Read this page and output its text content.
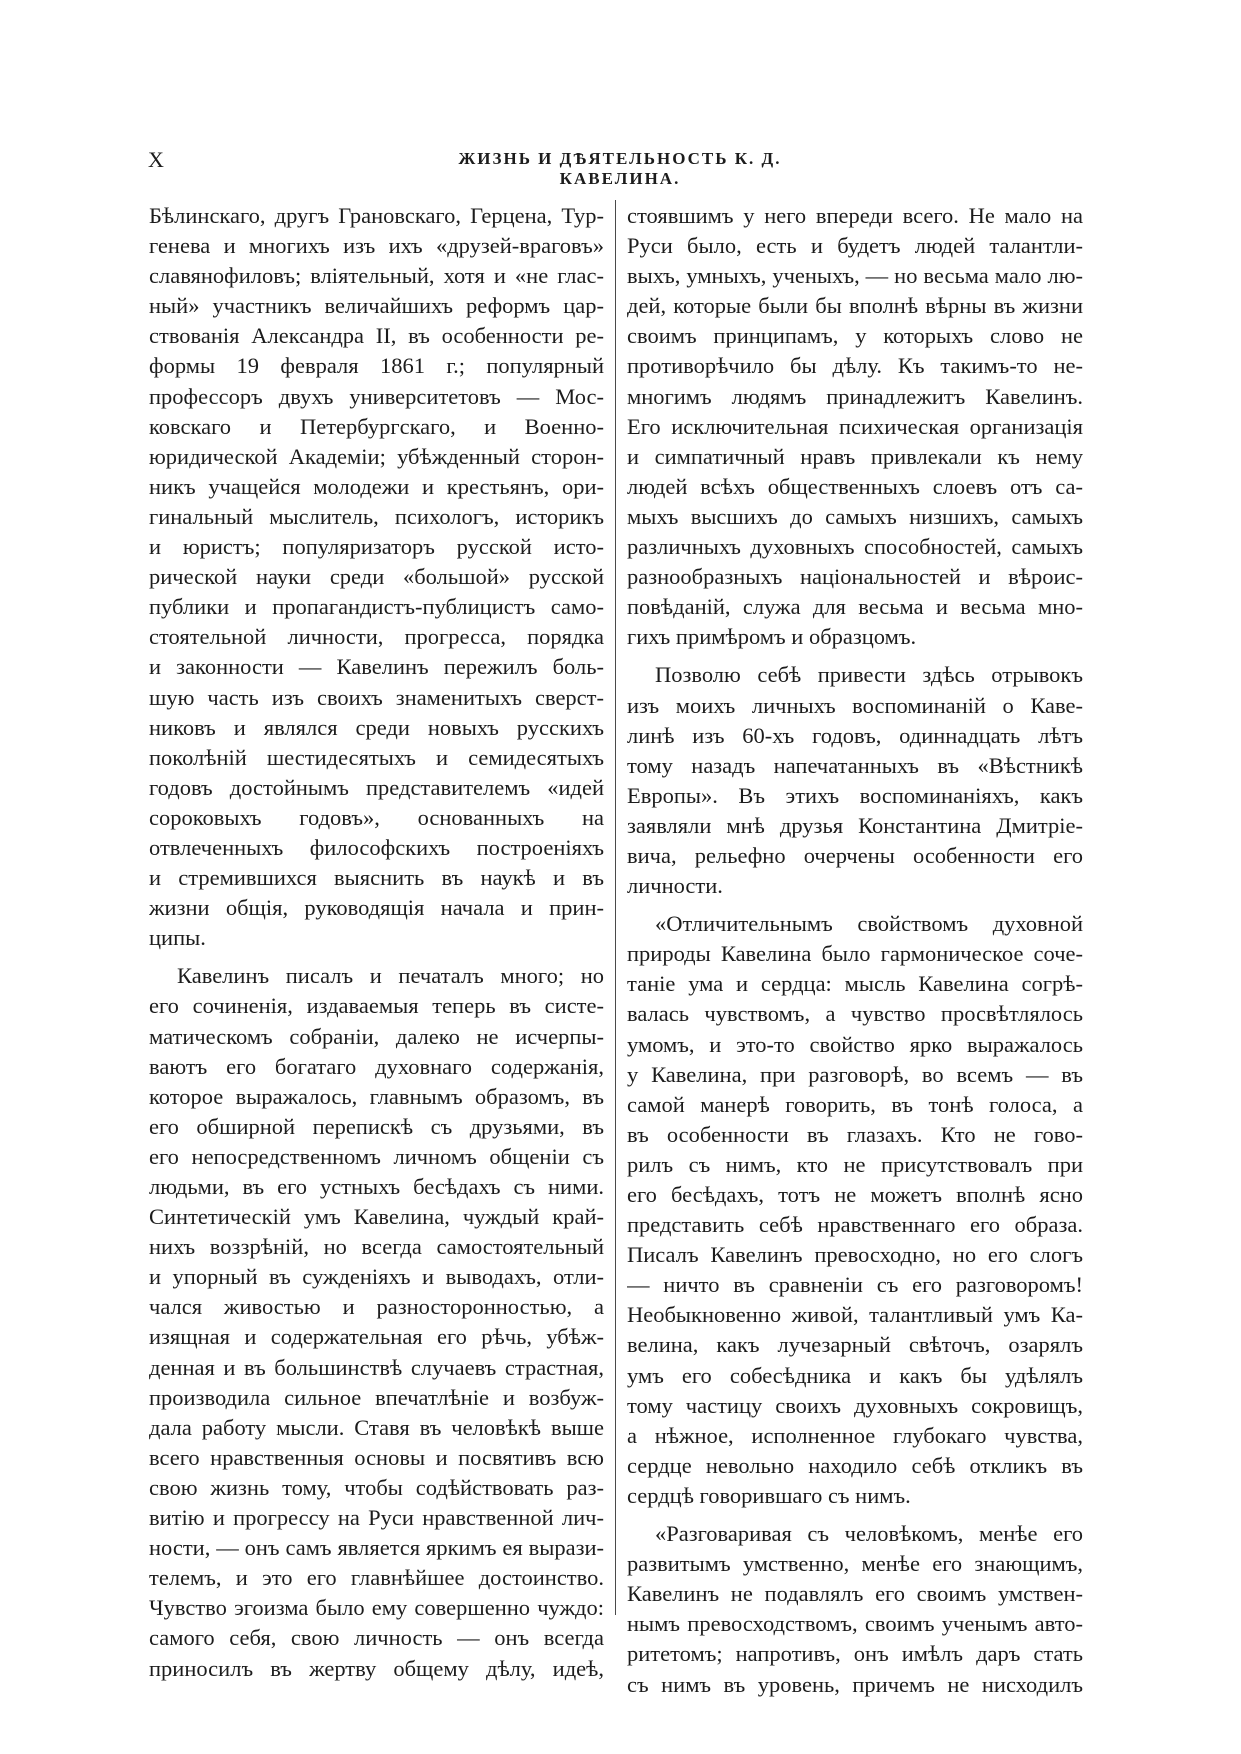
X	ЖИЗНЬ И ДѢЯТЕЛЬНОСТЬ К. Д. КАВЕЛИНА.
Бѣлинскаго, другъ Грановскаго, Герцена, Тур-
генева и многихъ изъ ихъ «друзей-враговъ»
славянофиловъ; вліятельный, хотя и «не глас-
ный» участникъ величайшихъ реформъ цар-
ствованія Александра II, въ особенности ре-
формы 19 февраля 1861 г.; популярный
профессоръ двухъ университетовъ — Мос-
ковскаго и Петербургскаго, и Военно-
юридической Академіи; убѣжденный сторон-
никъ учащейся молодежи и крестьянъ, ори-
гинальный мыслитель, психологъ, историкъ
и юристъ; популяризаторъ русской исто-
рической науки среди «большой» русской
публики и пропагандистъ-публицистъ само-
стоятельной личности, прогресса, порядка
и законности — Кавелинъ пережилъ боль-
шую часть изъ своихъ знаменитыхъ сверст-
никовъ и являлся среди новыхъ русскихъ
поколѣній шестидесятыхъ и семидесятыхъ
годовъ достойнымъ представителемъ «идей
сороковыхъ годовъ», основанныхъ на
отвлеченныхъ философскихъ построеніяхъ
и стремившихся выяснить въ наукѣ и въ
жизни общія, руководящія начала и прин-
ципы.
Кавелинъ писалъ и печаталъ много; но
его сочиненія, издаваемыя теперь въ систе-
матическомъ собраніи, далеко не исчерпы-
ваютъ его богатаго духовнаго содержанія,
которое выражалось, главнымъ образомъ, въ
его обширной перепискѣ съ друзьями, въ
его непосредственномъ личномъ общеніи съ
людьми, въ его устныхъ бесѣдахъ съ ними.
Синтетическій умъ Кавелина, чуждый край-
нихъ воззрѣній, но всегда самостоятельный
и упорный въ сужденіяхъ и выводахъ, отли-
чался живостью и разносторонностью, а
изящная и содержательная его рѣчь, убѣж-
денная и въ большинствѣ случаевъ страстная,
производила сильное впечатлѣніе и возбуж-
дала работу мысли. Ставя въ человѣкѣ выше
всего нравственныя основы и посвятивъ всю
свою жизнь тому, чтобы содѣйствовать раз-
витію и прогрессу на Руси нравственной лич-
ности, — онъ самъ является яркимъ ея вырази-
телемъ, и это его главнѣйшее достоинство.
Чувство эгоизма было ему совершенно чуждо:
самого себя, свою личность — онъ всегда
приносилъ въ жертву общему дѣлу, идеѣ,
стоявшимъ у него впереди всего. Не мало на
Руси было, есть и будетъ людей талантли-
выхъ, умныхъ, ученыхъ, — но весьма мало лю-
дей, которые были бы вполнѣ вѣрны въ жизни
своимъ принципамъ, у которыхъ слово не
противорѣчило бы дѣлу. Къ такимъ-то не-
многимъ людямъ принадлежитъ Кавелинъ.
Его исключительная психическая организація
и симпатичный нравъ привлекали къ нему
людей всѣхъ общественныхъ слоевъ отъ са-
мыхъ высшихъ до самыхъ низшихъ, самыхъ
различныхъ духовныхъ способностей, самыхъ
разнообразныхъ національностей и вѣроис-
повѣданій, служа для весьма и весьма мно-
гихъ примѣромъ и образцомъ.
Позволю себѣ привести здѣсь отрывокъ
изъ моихъ личныхъ воспоминаній о Каве-
линѣ изъ 60-хъ годовъ, одиннадцать лѣтъ
тому назадъ напечатанныхъ въ «Вѣстникѣ
Европы». Въ этихъ воспоминаніяхъ, какъ
заявляли мнѣ друзья Константина Дмитріе-
вича, рельефно очерчены особенности его
личности.
«Отличительнымъ свойствомъ духовной
природы Кавелина было гармоническое соче-
таніе ума и сердца: мысль Кавелина согрѣ-
валась чувствомъ, а чувство просвѣтлялось
умомъ, и это-то свойство ярко выражалось
у Кавелина, при разговорѣ, во всемъ — въ
самой манерѣ говорить, въ тонѣ голоса, а
въ особенности въ глазахъ. Кто не гово-
рилъ съ нимъ, кто не присутствовалъ при
его бесѣдахъ, тотъ не можетъ вполнѣ ясно
представить себѣ нравственнаго его образа.
Писалъ Кавелинъ превосходно, но его слогъ
— ничто въ сравненіи съ его разговоромъ!
Необыкновенно живой, талантливый умъ Ка-
велина, какъ лучезарный свѣточъ, озарялъ
умъ его собесѣдника и какъ бы удѣлялъ
тому частицу своихъ духовныхъ сокровищъ,
а нѣжное, исполненное глубокаго чувства,
сердце невольно находило себѣ откликъ въ
сердцѣ говорившаго съ нимъ.
«Разговаривая съ человѣкомъ, менѣе его
развитымъ умственно, менѣе его знающимъ,
Кавелинъ не подавлялъ его своимъ умствен-
нымъ превосходствомъ, своимъ ученымъ авто-
ритетомъ; напротивъ, онъ имѣлъ даръ стать
съ нимъ въ уровень, причемъ не нисходилъ
